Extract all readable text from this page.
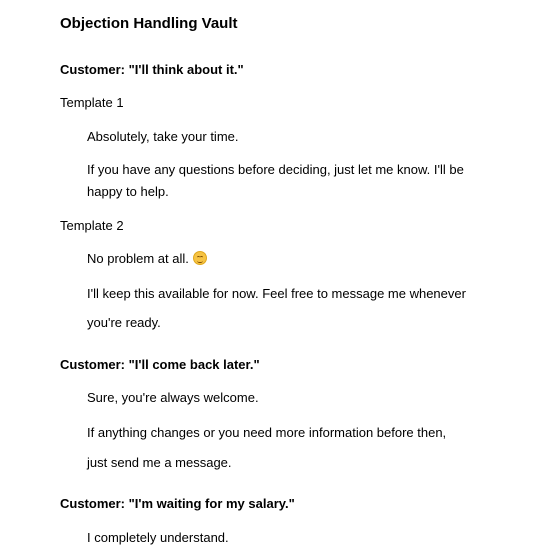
Objection Handling Vault
Customer: "I'll think about it."
Template 1
Absolutely, take your time.
If you have any questions before deciding, just let me know. I'll be
happy to help.
Template 2
No problem at all.
I'll keep this available for now. Feel free to message me whenever
you're ready.
Customer: "I'll come back later."
Sure, you're always welcome.
If anything changes or you need more information before then,
just send me a message.
Customer: "I'm waiting for my salary."
I completely understand.
